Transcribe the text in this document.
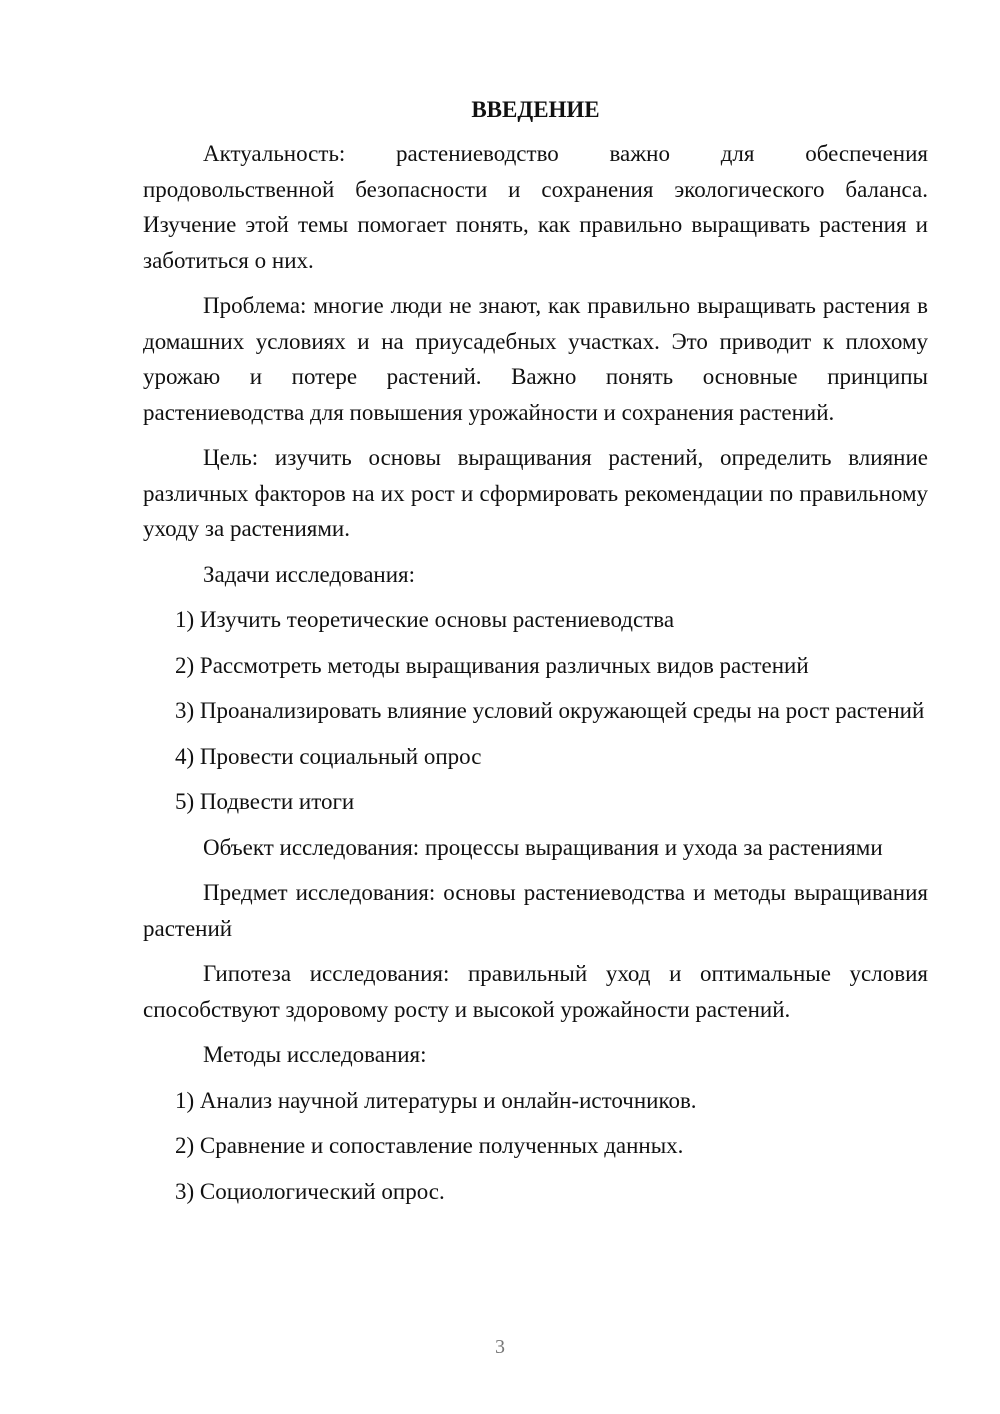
ВВЕДЕНИЕ

Актуальность: растениеводство важно для обеспечения продовольственной безопасности и сохранения экологического баланса. Изучение этой темы помогает понять, как правильно выращивать растения и заботиться о них.

Проблема: многие люди не знают, как правильно выращивать растения в домашних условиях и на приусадебных участках. Это приводит к плохому урожаю и потере растений. Важно понять основные принципы растениеводства для повышения урожайности и сохранения растений.

Цель: изучить основы выращивания растений, определить влияние различных факторов на их рост и сформировать рекомендации по правильному уходу за растениями.

Задачи исследования:

1) Изучить теоретические основы растениеводства

2) Рассмотреть методы выращивания различных видов растений

3) Проанализировать влияние условий окружающей среды на рост растений

4) Провести социальный опрос

5) Подвести итоги

Объект исследования: процессы выращивания и ухода за растениями

Предмет исследования: основы растениеводства и методы выращивания растений

Гипотеза исследования: правильный уход и оптимальные условия способствуют здоровому росту и высокой урожайности растений.

Методы исследования:

1) Анализ научной литературы и онлайн-источников.

2) Сравнение и сопоставление полученных данных.

3) Социологический опрос.

3
